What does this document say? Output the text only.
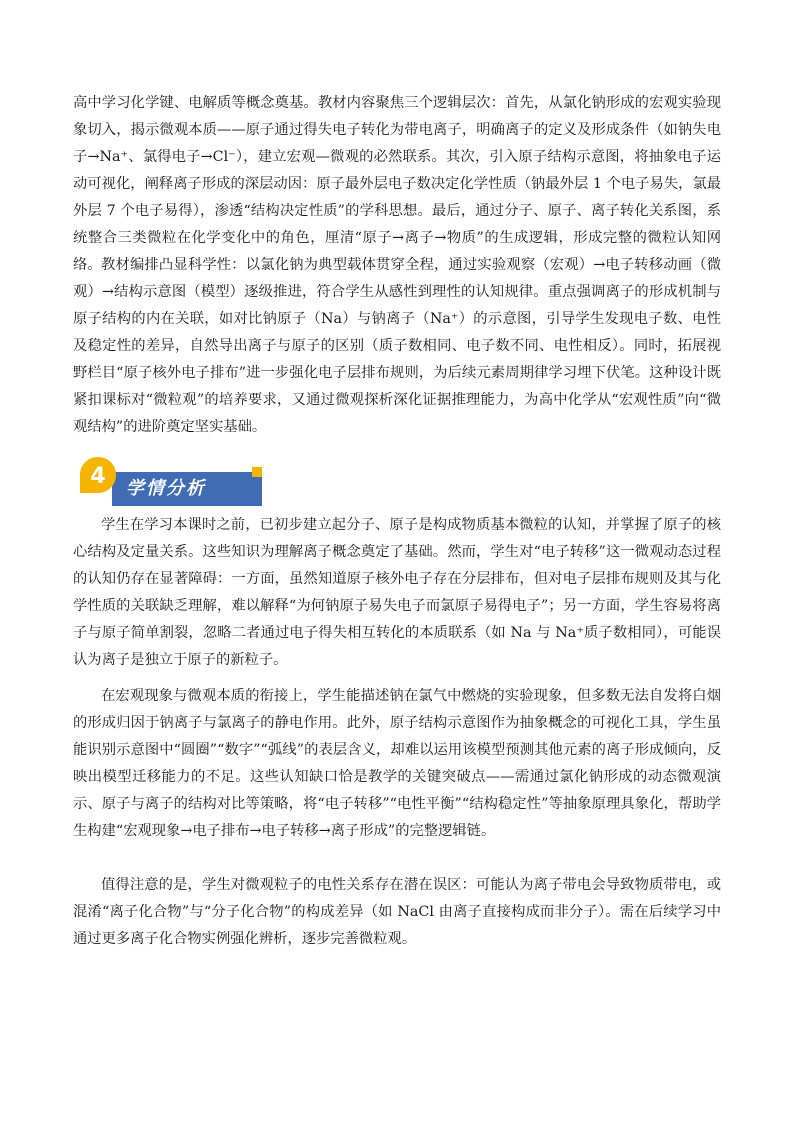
高中学习化学键、电解质等概念奠基。教材内容聚焦三个逻辑层次：首先，从氯化钠形成的宏观实验现象切入，揭示微观本质——原子通过得失电子转化为带电离子，明确离子的定义及形成条件（如钠失电子→Na⁺、氯得电子→Cl⁻），建立宏观—微观的必然联系。其次，引入原子结构示意图，将抽象电子运动可视化，阐释离子形成的深层动因：原子最外层电子数决定化学性质（钠最外层 1 个电子易失，氯最外层 7 个电子易得），渗透“结构决定性质”的学科思想。最后，通过分子、原子、离子转化关系图，系统整合三类微粒在化学变化中的角色，厘清“原子→离子→物质”的生成逻辑，形成完整的微粒认知网络。 教材编排凸显科学性：以氯化钠为典型载体贯穿全程，通过实验观察（宏观）→电子转移动画（微观）→结构示意图（模型）逐级推进，符合学生从感性到理性的认知规律。重点强调离子的形成机制与原子结构的内在关联，如对比钠原子（Na）与钠离子（Na⁺）的示意图，引导学生发现电子数、电性及稳定性的差异，自然导出离子与原子的区别（质子数相同、电子数不同、电性相反）。同时，拓展视野栏目“原子核外电子排布”进一步强化电子层排布规则，为后续元素周期律学习埋下伏笔。这种设计既紧扣课标对“微粒观”的培养要求，又通过微观探析深化证据推理能力，为高中化学从“宏观性质”向“微观结构”的进阶奠定坚实基础。

4 学情分析

学生在学习本课时之前，已初步建立起分子、原子是构成物质基本微粒的认知，并掌握了原子的核心结构及定量关系。这些知识为理解离子概念奠定了基础。然而，学生对“电子转移”这一微观动态过程的认知仍存在显著障碍：一方面，虽然知道原子核外电子存在分层排布，但对电子层排布规则及其与化学性质的关联缺乏理解，难以解释“为何钠原子易失电子而氯原子易得电子”；另一方面，学生容易将离子与原子简单割裂，忽略二者通过电子得失相互转化的本质联系（如 Na 与 Na⁺质子数相同），可能误认为离子是独立于原子的新粒子。

在宏观现象与微观本质的衔接上，学生能描述钠在氯气中燃烧的实验现象，但多数无法自发将白烟的形成归因于钠离子与氯离子的静电作用。此外，原子结构示意图作为抽象概念的可视化工具，学生虽能识别示意图中“圆圈”“数字”“弧线”的表层含义，却难以运用该模型预测其他元素的离子形成倾向，反映出模型迁移能力的不足。这些认知缺口恰是教学的关键突破点——需通过氯化钠形成的动态微观演示、原子与离子的结构对比等策略，将“电子转移”“电性平衡”“结构稳定性”等抽象原理具象化，帮助学生构建“宏观现象→电子排布→电子转移→离子形成”的完整逻辑链。

值得注意的是，学生对微观粒子的电性关系存在潜在误区：可能认为离子带电会导致物质带电，或混淆“离子化合物”与“分子化合物”的构成差异（如 NaCl 由离子直接构成而非分子）。需在后续学习中通过更多离子化合物实例强化辨析，逐步完善微粒观。
